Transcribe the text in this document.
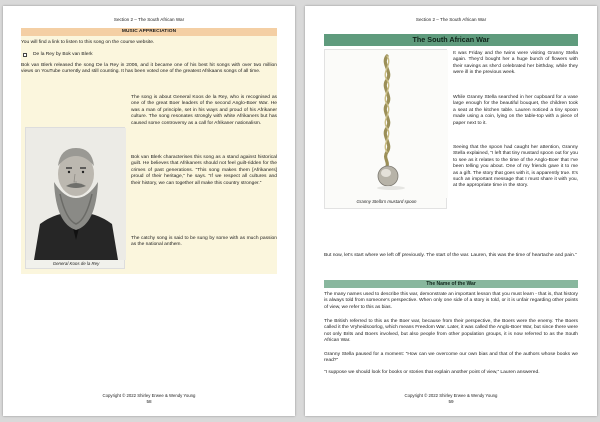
Section 2 – The South African War
MUSIC APPRECIATION
You will find a link to listen to this song on the course website.
De la Rey by Bok van Blerk
Bok van Blerk released the song De la Rey in 2006, and it became one of his best hit songs with over two million views on YouTube currently and still counting. It has been voted one of the greatest Afrikaans songs of all time.
The song is about General Koos de la Rey, who is recognised as one of the great Boer leaders of the second Anglo-Boer War. He was a man of principle, set in his ways and proud of his Afrikaner culture. The song resonates strongly with white Afrikaners but has caused some controversy as a call for Afrikaner nationalism.
Bok van Blerk characterises this song as a stand against historical guilt. He believes that Afrikaners should not feel guilt-ridden for the crimes of past generations. “This song makes them [Afrikaners] proud of their heritage,” he says. “If we respect all cultures and their history, we can together all make this country stronger.”
The catchy song is said to be sung by some with as much passion as the national anthem.
General Koos de la Rey
Copyright © 2022 Shirley Erwee & Wendy Young
58
Section 2 – The South African War
The South African War
Granny Stella’s mustard spoon
It was Friday and the twins were visiting Granny Stella again. They’d bought her a huge bunch of flowers with their savings as she’d celebrated her birthday, while they were ill in the previous week.
While Granny Stella searched in her cupboard for a vase large enough for the beautiful bouquet, the children took a seat at the kitchen table. Lauren noticed a tiny spoon made using a coin, lying on the table-top with a piece of paper next to it.
Seeing that the spoon had caught her attention, Granny Stella explained, “I left that tiny mustard spoon out for you to see as it relates to the time of the Anglo-Boer that I’ve been telling you about. One of my friends gave it to me as a gift. The story that goes with it, is apparently true. It’s such an important message that I must share it with you, at the appropriate time in the story.
But now, let’s start where we left off previously. The start of the war. Lauren, this was the time of heartache and pain.”
The Name of the War
The many names used to describe this war, demonstrate an important lesson that you must learn - that is, that history is always told from someone’s perspective. When only one side of a story is told, or it is unfair regarding other points of view, we refer to this as bias.
The British referred to this as the Boer war, because from their perspective, the Boers were the enemy. The Boers called it the Vryheidsoorlog, which means Freedom War. Later, it was called the Anglo-Boer War, but since there were not only Brits and Boers involved, but also people from other population groups, it is now referred to as the South African War.
Granny Stella paused for a moment: “How can we overcome our own bias and that of the authors whose books we read?”
“I suppose we should look for books or stories that explain another point of view,” Lauren answered.
Copyright © 2022 Shirley Erwee & Wendy Young
59
